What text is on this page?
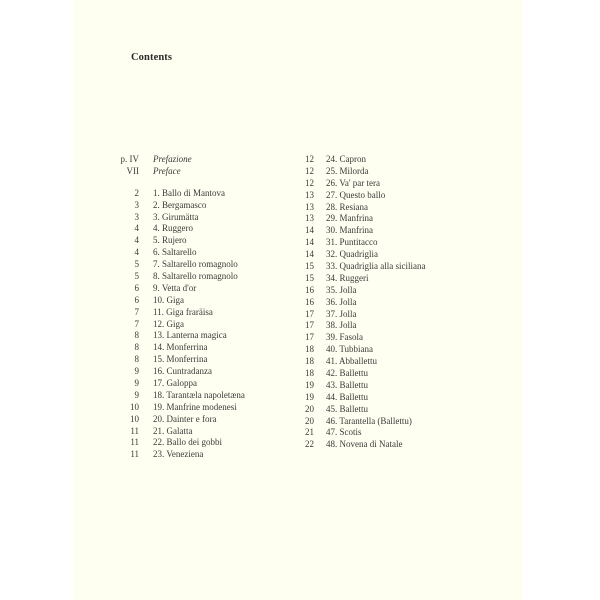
Contents
p. IV	Prefazione
VII	Preface
2	1. Ballo di Mantova
3	2. Bergamasco
3	3. Girumätta
4	4. Ruggero
4	5. Rujero
4	6. Saltarello
5	7. Saltarello romagnolo
5	8. Saltarello romagnolo
6	9. Vetta d'or
6	10. Giga
7	11. Giga fraräisa
7	12. Giga
8	13. Lanterna magica
8	14. Monferrina
8	15. Monferrina
9	16. Cuntradanza
9	17. Galoppa
9	18. Tarantæla napoletæna
10	19. Manfrine modenesi
10	20. Dainter e fora
11	21. Galatta
11	22. Ballo dei gobbi
11	23. Veneziena
12	24. Capron
12	25. Milorda
12	26. Va' par tera
13	27. Questo ballo
13	28. Resiana
13	29. Manfrina
14	30. Manfrina
14	31. Puntitacco
14	32. Quadriglia
15	33. Quadriglia alla siciliana
15	34. Ruggeri
16	35. Jolla
16	36. Jolla
17	37. Jolla
17	38. Jolla
17	39. Fasola
18	40. Tubbiana
18	41. Abballettu
18	42. Ballettu
19	43. Ballettu
19	44. Ballettu
20	45. Ballettu
20	46. Tarantella (Ballettu)
21	47. Scotis
22	48. Novena di Natale
